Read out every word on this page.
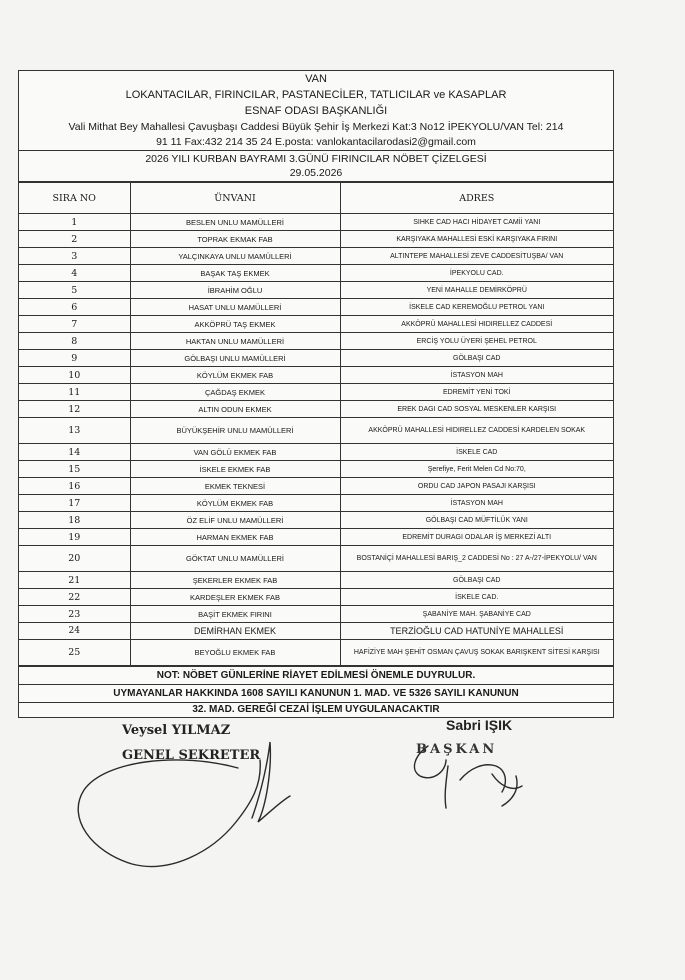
VAN
LOKANTACILAR, FIRINCILAR, PASTANECİLER, TATLICILAR ve KASAPLAR
ESNAF ODASI BAŞKANLIĞI
Vali Mithat Bey Mahallesi Çavuşbaşı Caddesi Büyük Şehir İş Merkezi Kat:3 No12 İPEKYOLU/VAN Tel: 214
91 11 Fax:432 214 35 24 E.posta: vanlokantacilarodasi2@gmail.com
2026 YILI KURBAN BAYRAMI 3.GÜNÜ FIRINCILAR NÖBET ÇİZELGESİ
29.05.2026
SIRA NO	ÜNVANI	ADRES
1	BESLEN UNLU MAMÜLLERİ	SIHKE CAD HACI HİDAYET CAMİİ YANI
2	TOPRAK EKMAK FAB	KARŞIYAKA MAHALLESİ ESKİ KARŞIYAKA FIRINI
3	YALÇINKAYA UNLU MAMÜLLERİ	ALTINTEPE MAHALLESİ ZEVE CADDESİTUŞBA/ VAN
4	BAŞAK TAŞ EKMEK	İPEKYOLU CAD.
5	İBRAHİM OĞLU	YENİ MAHALLE DEMİRKÖPRÜ
6	HASAT UNLU MAMÜLLERİ	İSKELE CAD KEREMOĞLU PETROL YANI
7	AKKÖPRÜ TAŞ EKMEK	AKKÖPRÜ MAHALLESİ HIDIRELLEZ CADDESİ
8	HAKTAN UNLU MAMÜLLERİ	ERCİŞ YOLU ÜYERİ ŞEHEL PETROL
9	GÖLBAŞI UNLU MAMÜLLERİ	GÖLBAŞI CAD
10	KÖYLÜM EKMEK FAB	İSTASYON MAH
11	ÇAĞDAŞ EKMEK	EDREMİT YENİ TOKİ
12	ALTIN ODUN EKMEK	EREK DAGI CAD SOSYAL MESKENLER KARŞISI
13	BÜYÜKŞEHİR UNLU MAMÜLLERİ	AKKÖPRÜ MAHALLESİ HIDIRELLEZ CADDESİ KARDELEN SOKAK
14	VAN GÖLÜ EKMEK FAB	İSKELE CAD
15	İSKELE EKMEK FAB	Şerefiye, Ferit Melen Cd No:70,
16	EKMEK TEKNESİ	ORDU CAD JAPON PASAJI KARŞISI
17	KÖYLÜM EKMEK FAB	İSTASYON MAH
18	ÖZ ELİF UNLU MAMÜLLERİ	GÖLBAŞI CAD MÜFTİLÜK YANI
19	HARMAN EKMEK FAB	EDREMİT DURAGI ODALAR İŞ MERKEZİ ALTI
20	GÖKTAT UNLU MAMÜLLERİ	BOSTANİÇİ MAHALLESİ BARIŞ_2 CADDESİ No : 27 A-/27-İPEKYOLU/ VAN
21	ŞEKERLER EKMEK FAB	GÖLBAŞI CAD
22	KARDEŞLER EKMEK FAB	İSKELE CAD.
23	BAŞİT EKMEK FIRINI	ŞABANİYE MAH. ŞABANİYE CAD
24	DEMİRHAN EKMEK	TERZİOĞLU CAD HATUNİYE MAHALLESİ
25	BEYOĞLU EKMEK FAB	HAFİZİYE MAH ŞEHİT OSMAN ÇAVUŞ SOKAK BARIŞKENT SİTESİ KARŞISI
NOT: NÖBET GÜNLERİNE RİAYET EDİLMESİ ÖNEMLE DUYRULUR.
UYMAYANLAR HAKKINDA 1608 SAYILI KANUNUN 1. MAD. VE 5326 SAYILI KANUNUN
32. MAD. GEREĞİ CEZAİ İŞLEM UYGULANACAKTIR
Veysel YILMAZ
GENEL SEKRETER
Sabri IŞIK
BAŞKAN
